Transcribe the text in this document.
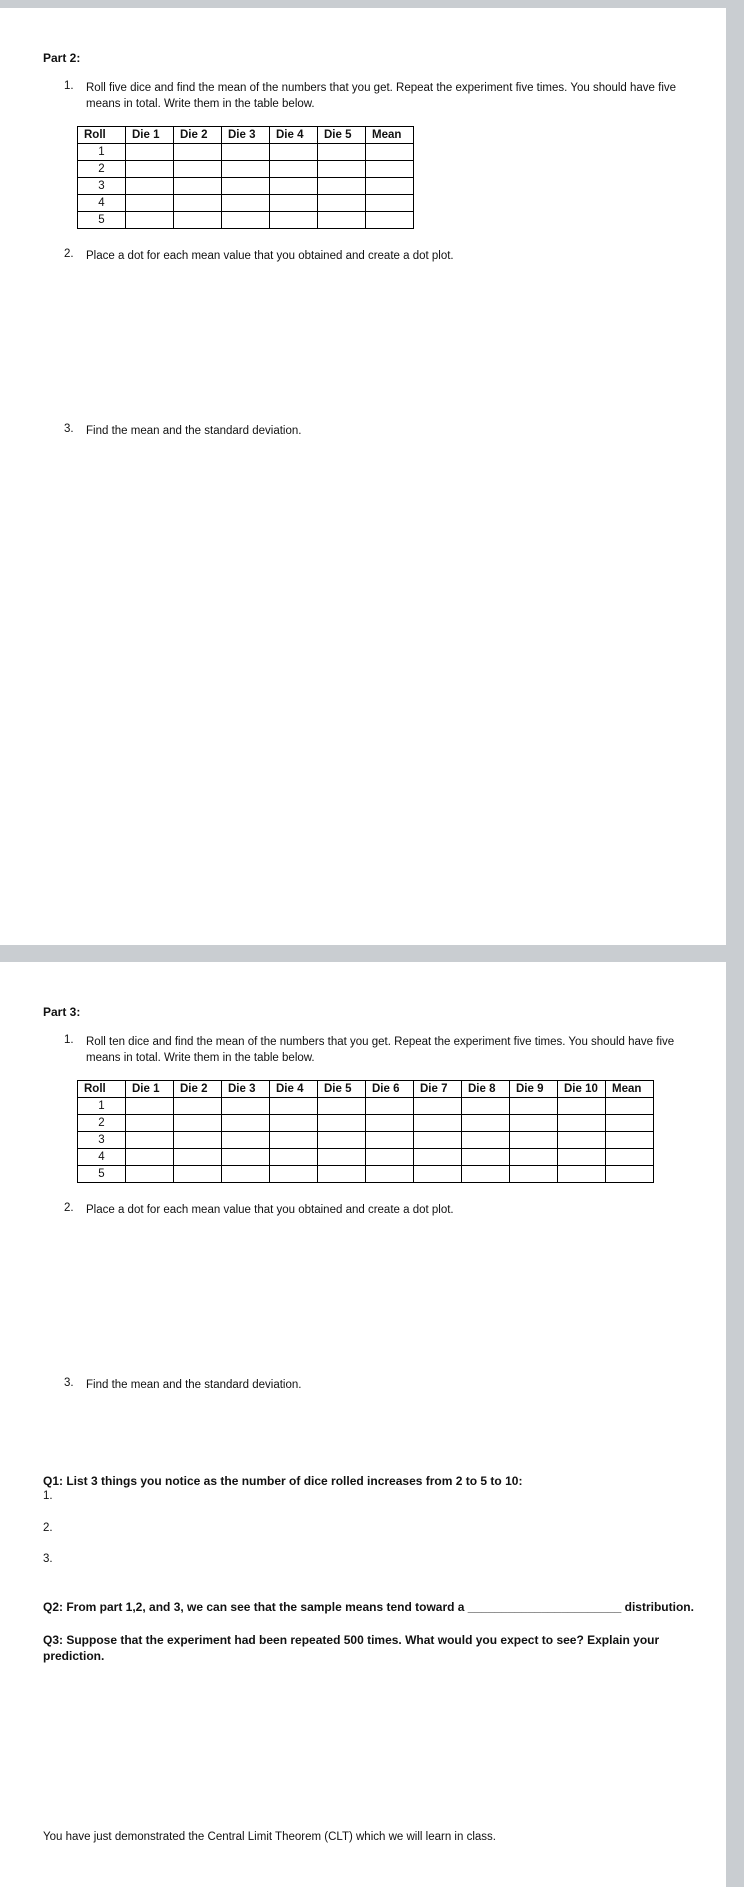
Part 2:
1. Roll five dice and find the mean of the numbers that you get. Repeat the experiment five times. You should have five means in total. Write them in the table below.
Roll	Die 1	Die 2	Die 3	Die 4	Die 5	Mean
1						
2						
3						
4						
5						
2. Place a dot for each mean value that you obtained and create a dot plot.
3. Find the mean and the standard deviation.
Part 3:
1. Roll ten dice and find the mean of the numbers that you get. Repeat the experiment five times. You should have five means in total. Write them in the table below.
Roll	Die 1	Die 2	Die 3	Die 4	Die 5	Die 6	Die 7	Die 8	Die 9	Die 10	Mean
1											
2											
3											
4											
5											
2. Place a dot for each mean value that you obtained and create a dot plot.
3. Find the mean and the standard deviation.
Q1: List 3 things you notice as the number of dice rolled increases from 2 to 5 to 10:
1.
2.
3.
Q2: From part 1,2, and 3, we can see that the sample means tend toward a _______________________ distribution.
Q3: Suppose that the experiment had been repeated 500 times. What would you expect to see? Explain your prediction.
You have just demonstrated the Central Limit Theorem (CLT) which we will learn in class.
